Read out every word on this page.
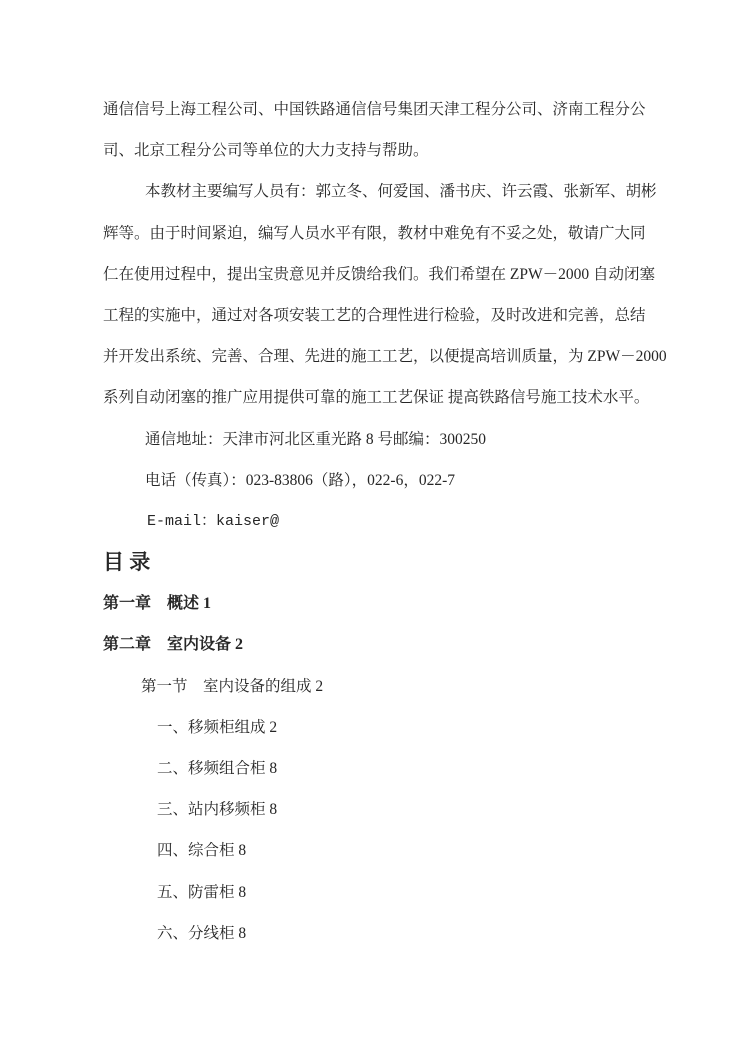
通信信号上海工程公司、中国铁路通信信号集团天津工程分公司、济南工程分公
司、北京工程分公司等单位的大力支持与帮助。
本教材主要编写人员有：郭立冬、何爱国、潘书庆、许云霞、张新军、胡彬
辉等。由于时间紧迫，编写人员水平有限，教材中难免有不妥之处，敬请广大同
仁在使用过程中，提出宝贵意见并反馈给我们。我们希望在 ZPW－2000 自动闭塞
工程的实施中，通过对各项安装工艺的合理性进行检验，及时改进和完善，总结
并开发出系统、完善、合理、先进的施工工艺，以便提高培训质量，为 ZPW－2000
系列自动闭塞的推广应用提供可靠的施工工艺保证 提高铁路信号施工技术水平。
通信地址：天津市河北区重光路 8 号邮编：300250
电话（传真）：023-83806（路），022-6，022-7
E-mail：kaiser@
目 录
第一章　概述 1
第二章　室内设备 2
第一节　室内设备的组成 2
一、移频柜组成 2
二、移频组合柜 8
三、站内移频柜 8
四、综合柜 8
五、防雷柜 8
六、分线柜 8
